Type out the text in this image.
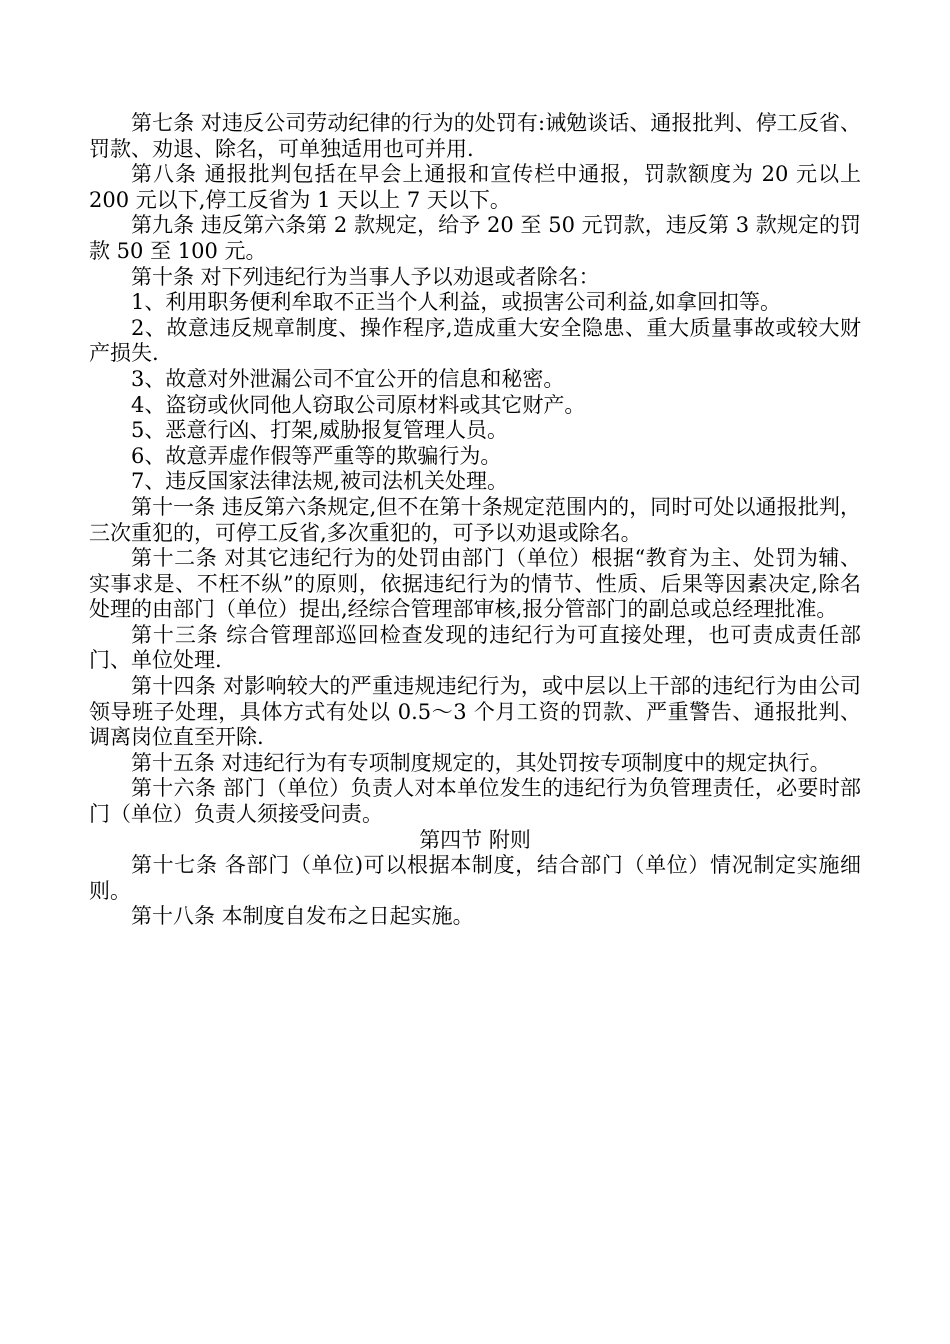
第七条 对违反公司劳动纪律的行为的处罚有:诫勉谈话、通报批判、停工反省、罚款、劝退、除名，可单独适用也可并用.

第八条 通报批判包括在早会上通报和宣传栏中通报，罚款额度为 20 元以上 200 元以下,停工反省为 1 天以上 7 天以下。

第九条 违反第六条第 2 款规定，给予 20 至 50 元罚款，违反第 3 款规定的罚款 50 至 100 元。

第十条 对下列违纪行为当事人予以劝退或者除名：

1、利用职务便利牟取不正当个人利益，或损害公司利益,如拿回扣等。

2、故意违反规章制度、操作程序,造成重大安全隐患、重大质量事故或较大财产损失.

3、故意对外泄漏公司不宜公开的信息和秘密。

4、盗窃或伙同他人窃取公司原材料或其它财产。

5、恶意行凶、打架,威胁报复管理人员。

6、故意弄虚作假等严重等的欺骗行为。

7、违反国家法律法规,被司法机关处理。

第十一条 违反第六条规定,但不在第十条规定范围内的，同时可处以通报批判，三次重犯的，可停工反省,多次重犯的，可予以劝退或除名。

第十二条 对其它违纪行为的处罚由部门（单位）根据“教育为主、处罚为辅、实事求是、不枉不纵”的原则，依据违纪行为的情节、性质、后果等因素决定,除名处理的由部门（单位）提出,经综合管理部审核,报分管部门的副总或总经理批准。

第十三条 综合管理部巡回检查发现的违纪行为可直接处理，也可责成责任部门、单位处理.

第十四条 对影响较大的严重违规违纪行为，或中层以上干部的违纪行为由公司领导班子处理，具体方式有处以 0.5～3 个月工资的罚款、严重警告、通报批判、调离岗位直至开除.

第十五条 对违纪行为有专项制度规定的，其处罚按专项制度中的规定执行。

第十六条 部门（单位）负责人对本单位发生的违纪行为负管理责任，必要时部门（单位）负责人须接受问责。

第四节 附则

第十七条 各部门（单位)可以根据本制度，结合部门（单位）情况制定实施细则。

第十八条 本制度自发布之日起实施。
